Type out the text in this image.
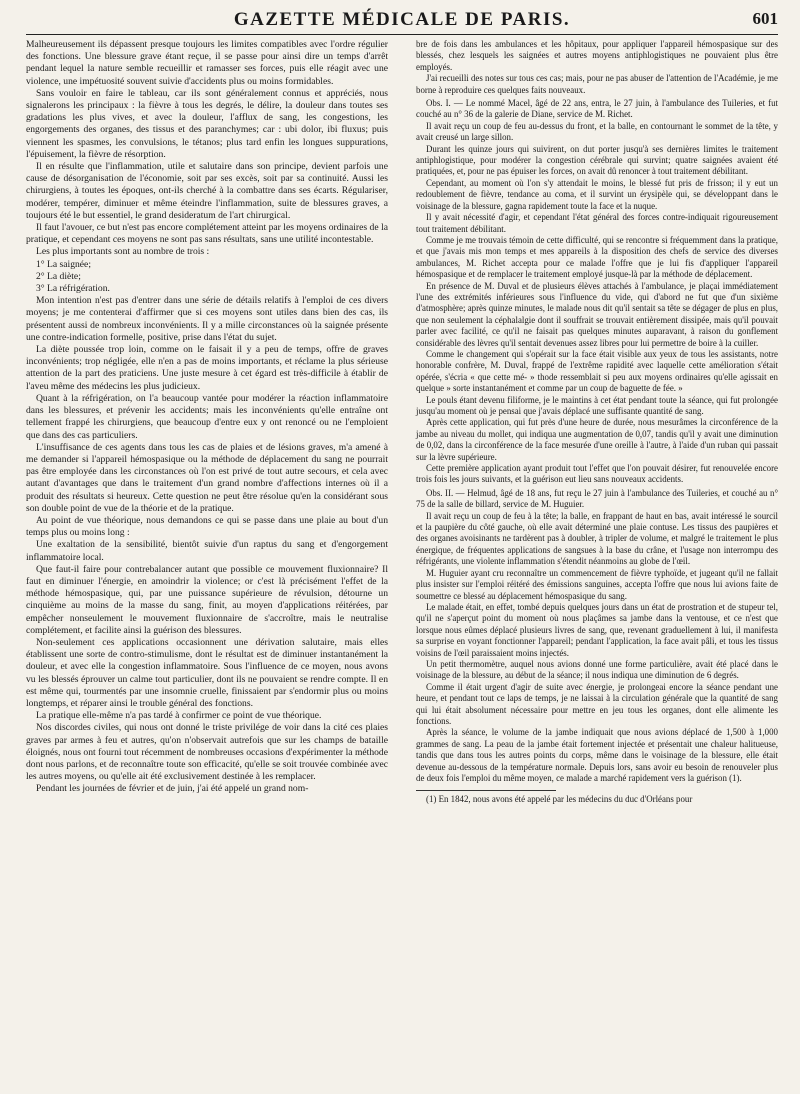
GAZETTE MÉDICALE DE PARIS.	601

Malheureusement ils dépassent presque toujours les limites compatibles avec l'ordre régulier des fonctions. Une blessure grave étant reçue, il se passe pour ainsi dire un temps d'arrêt pendant lequel la nature semble recueillir et ramasser ses forces, puis elle réagit avec une violence, une impétuosité souvent suivie d'accidents plus ou moins formidables.

Sans vouloir en faire le tableau, car ils sont généralement connus et appréciés, nous signalerons les principaux : la fièvre à tous les degrés, le délire, la douleur dans toutes ses gradations les plus vives, et avec la douleur, l'afflux de sang, les congestions, les engorgements des organes, des tissus et des paranchymes; car : ubi dolor, ibi fluxus; puis viennent les spasmes, les convulsions, le tétanos; plus tard enfin les longues suppurations, l'épuisement, la fièvre de résorption.

Il en résulte que l'inflammation, utile et salutaire dans son principe, devient parfois une cause de désorganisation de l'économie, soit par ses excès, soit par sa continuité. Aussi les chirurgiens, à toutes les époques, ont-ils cherché à la combattre dans ses écarts. Régulariser, modérer, tempérer, diminuer et même éteindre l'inflammation, suite de blessures graves, a toujours été le but essentiel, le grand desideratum de l'art chirurgical.

Il faut l'avouer, ce but n'est pas encore complétement atteint par les moyens ordinaires de la pratique, et cependant ces moyens ne sont pas sans résultats, sans une utilité incontestable.

Les plus importants sont au nombre de trois :

1° La saignée;

2° La diète;

3° La réfrigération.

Mon intention n'est pas d'entrer dans une série de détails relatifs à l'emploi de ces divers moyens; je me contenterai d'affirmer que si ces moyens sont utiles dans bien des cas, ils présentent aussi de nombreux inconvénients. Il y a mille circonstances où la saignée présente une contre-indication formelle, positive, prise dans l'état du sujet.

La diète poussée trop loin, comme on le faisait il y a peu de temps, offre de graves inconvénients; trop négligée, elle n'en a pas de moins importants, et réclame la plus sérieuse attention de la part des praticiens. Une juste mesure à cet égard est très-difficile à établir de l'aveu même des médecins les plus judicieux.

Quant à la réfrigération, on l'a beaucoup vantée pour modérer la réaction inflammatoire dans les blessures, et prévenir les accidents; mais les inconvénients qu'elle entraîne ont tellement frappé les chirurgiens, que beaucoup d'entre eux y ont renoncé ou ne l'emploient que dans des cas particuliers.

L'insuffisance de ces agents dans tous les cas de plaies et de lésions graves, m'a amené à me demander si l'appareil hémospasique ou la méthode de déplacement du sang ne pourrait pas être employée dans les circonstances où l'on est privé de tout autre secours, et cela avec autant d'avantages que dans le traitement d'un grand nombre d'affections internes où il a produit des résultats si heureux. Cette question ne peut être résolue qu'en la considérant sous son double point de vue de la théorie et de la pratique.

Au point de vue théorique, nous demandons ce qui se passe dans une plaie au bout d'un temps plus ou moins long :

Une exaltation de la sensibilité, bientôt suivie d'un raptus du sang et d'engorgement inflammatoire local.

Que faut-il faire pour contrebalancer autant que possible ce mouvement fluxionnaire? Il faut en diminuer l'énergie, en amoindrir la violence; or c'est là précisément l'effet de la méthode hémospasique, qui, par une puissance supérieure de révulsion, détourne un cinquième au moins de la masse du sang, finit, au moyen d'applications réitérées, par empêcher nonseulement le mouvement fluxionnaire de s'accroître, mais le neutralise complétement, et facilite ainsi la guérison des blessures.

Non-seulement ces applications occasionnent une dérivation salutaire, mais elles établissent une sorte de contro-stimulisme, dont le résultat est de diminuer instantanément la douleur, et avec elle la congestion inflammatoire. Sous l'influence de ce moyen, nous avons vu les blessés éprouver un calme tout particulier, dont ils ne pouvaient se rendre compte. Il en est même qui, tourmentés par une insomnie cruelle, finissaient par s'endormir plus ou moins longtemps, et réparer ainsi le trouble général des fonctions.

La pratique elle-même n'a pas tardé à confirmer ce point de vue théorique.

Nos discordes civiles, qui nous ont donné le triste privilége de voir dans la cité ces plaies graves par armes à feu et autres, qu'on n'observait autrefois que sur les champs de bataille éloignés, nous ont fourni tout récemment de nombreuses occasions d'expérimenter la méthode dont nous parlons, et de reconnaître toute son efficacité, qu'elle se soit trouvée combinée avec les autres moyens, ou qu'elle ait été exclusivement destinée à les remplacer.

Pendant les journées de février et de juin, j'ai été appelé un grand nom-

bre de fois dans les ambulances et les hôpitaux, pour appliquer l'appareil hémospasique sur des blessés, chez lesquels les saignées et autres moyens antiphlogistiques ne pouvaient plus être employés.

J'ai recueilli des notes sur tous ces cas; mais, pour ne pas abuser de l'attention de l'Académie, je me borne à reproduire ces quelques faits nouveaux.

Obs. I. — Le nommé Macel, âgé de 22 ans, entra, le 27 juin, à l'ambulance des Tuileries, et fut couché au n° 36 de la galerie de Diane, service de M. Richet.

Il avait reçu un coup de feu au-dessus du front, et la balle, en contournant le sommet de la tête, y avait creusé un large sillon.

Durant les quinze jours qui suivirent, on dut porter jusqu'à ses dernières limites le traitement antiphlogistique, pour modérer la congestion cérébrale qui survint; quatre saignées avaient été pratiquées, et, pour ne pas épuiser les forces, on avait dû renoncer à tout traitement débilitant.

Cependant, au moment où l'on s'y attendait le moins, le blessé fut pris de frisson; il y eut un redoublement de fièvre, tendance au coma, et il survint un érysipèle qui, se développant dans le voisinage de la blessure, gagna rapidement toute la face et la nuque.

Il y avait nécessité d'agir, et cependant l'état général des forces contre-indiquait rigoureusement tout traitement débilitant.

Comme je me trouvais témoin de cette difficulté, qui se rencontre si fréquemment dans la pratique, et que j'avais mis mon temps et mes appareils à la disposition des chefs de service des diverses ambulances, M. Richet accepta pour ce malade l'offre que je lui fis d'appliquer l'appareil hémospasique et de remplacer le traitement employé jusque-là par la méthode de déplacement.

En présence de M. Duval et de plusieurs élèves attachés à l'ambulance, je plaçai immédiatement l'une des extrémités inférieures sous l'influence du vide, qui d'abord ne fut que d'un sixième d'atmosphère; après quinze minutes, le malade nous dit qu'il sentait sa tête se dégager de plus en plus, que non seulement la céphalalgie dont il souffrait se trouvait entièrement dissipée, mais qu'il pouvait parler avec facilité, ce qu'il ne faisait pas quelques minutes auparavant, à raison du gonflement considérable des lèvres qu'il sentait devenues assez libres pour lui permettre de boire à la cuiller.

Comme le changement qui s'opérait sur la face était visible aux yeux de tous les assistants, notre honorable confrère, M. Duval, frappé de l'extrême rapidité avec laquelle cette amélioration s'était opérée, s'écria « que cette mé- » thode ressemblait si peu aux moyens ordinaires qu'elle agissait en quelque » sorte instantanément et comme par un coup de baguette de fée. »

Le pouls étant devenu filiforme, je le maintins à cet état pendant toute la séance, qui fut prolongée jusqu'au moment où je pensai que j'avais déplacé une suffisante quantité de sang.

Après cette application, qui fut près d'une heure de durée, nous mesurâmes la circonférence de la jambe au niveau du mollet, qui indiqua une augmentation de 0,07, tandis qu'il y avait une diminution de 0,02, dans la circonférence de la face mesurée d'une oreille à l'autre, à l'aide d'un ruban qui passait sur la lèvre supérieure.

Cette première application ayant produit tout l'effet que l'on pouvait désirer, fut renouvelée encore trois fois les jours suivants, et la guérison eut lieu sans nouveaux accidents.

Obs. II. — Helmud, âgé de 18 ans, fut reçu le 27 juin à l'ambulance des Tuileries, et couché au n° 75 de la salle de billard, service de M. Huguier.

Il avait reçu un coup de feu à la tête; la balle, en frappant de haut en bas, avait intéressé le sourcil et la paupière du côté gauche, où elle avait déterminé une plaie contuse. Les tissus des paupières et des organes avoisinants ne tardèrent pas à doubler, à tripler de volume, et malgré le traitement le plus énergique, de fréquentes applications de sangsues à la base du crâne, et l'usage non interrompu des réfrigérants, une violente inflammation s'étendit néanmoins au globe de l'œil.

M. Huguier ayant cru reconnaître un commencement de fièvre typhoïde, et jugeant qu'il ne fallait plus insister sur l'emploi réitéré des émissions sanguines, accepta l'offre que nous lui avions faite de soumettre ce blessé au déplacement hémospasique du sang.

Le malade était, en effet, tombé depuis quelques jours dans un état de prostration et de stupeur tel, qu'il ne s'aperçut point du moment où nous plaçâmes sa jambe dans la ventouse, et ce n'est que lorsque nous eûmes déplacé plusieurs livres de sang, que, revenant graduellement à lui, il manifesta sa surprise en voyant fonctionner l'appareil; pendant l'application, la face avait pâli, et tous les tissus voisins de l'œil paraissaient moins injectés.

Un petit thermomètre, auquel nous avions donné une forme particulière, avait été placé dans le voisinage de la blessure, au début de la séance; il nous indiqua une diminution de 6 degrés.

Comme il était urgent d'agir de suite avec énergie, je prolongeai encore la séance pendant une heure, et pendant tout ce laps de temps, je ne laissai à la circulation générale que la quantité de sang qui lui était absolument nécessaire pour mettre en jeu tous les organes, dont elle alimente les fonctions.

Après la séance, le volume de la jambe indiquait que nous avions déplacé de 1,500 à 1,000 grammes de sang. La peau de la jambe était fortement injectée et présentait une chaleur halitueuse, tandis que dans tous les autres points du corps, même dans le voisinage de la blessure, elle était devenue au-dessous de la température normale. Depuis lors, sans avoir eu besoin de renouveler plus de deux fois l'emploi du même moyen, ce malade a marché rapidement vers la guérison (1).

(1) En 1842, nous avons été appelé par les médecins du duc d'Orléans pour
